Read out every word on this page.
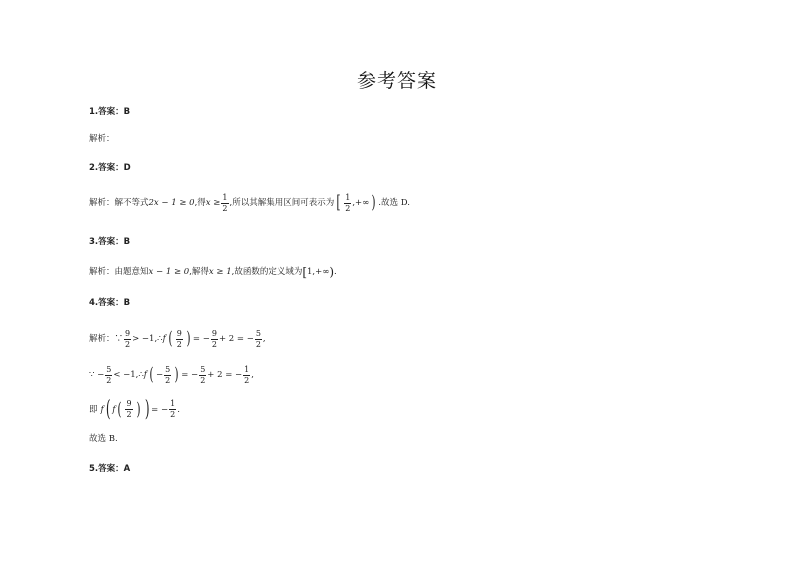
参考答案
1.答案：B
解析：
2.答案：D
解析：解不等式 2x − 1 ≥ 0 ,得 $x \ge \frac{1}{2}$ ,所以其解集用区间可表示为 [ $\frac{1}{2}$ ,+∞ ) .故选 D.
3.答案：B
解析：由题意知 x − 1 ≥ 0 ,解得 x ≥ 1 ,故函数的定义域为 [ 1,+∞ ) .
4.答案：B
解析：∵ $\frac{9}{2}$ > −1,∴ f ( $\frac{9}{2}$ ) = − $\frac{9}{2} + 2$ = − $\frac{5}{2}$ ,
∵ − $\frac{5}{2}$ < −1,∴ f ( − $\frac{5}{2}$ ) = − $\frac{5}{2} + 2$ = − $\frac{1}{2}$ ,
即 f ( f ( $\frac{9}{2}$ ) ) = − $\frac{1}{2}$ .
故选 B.
5.答案：A
